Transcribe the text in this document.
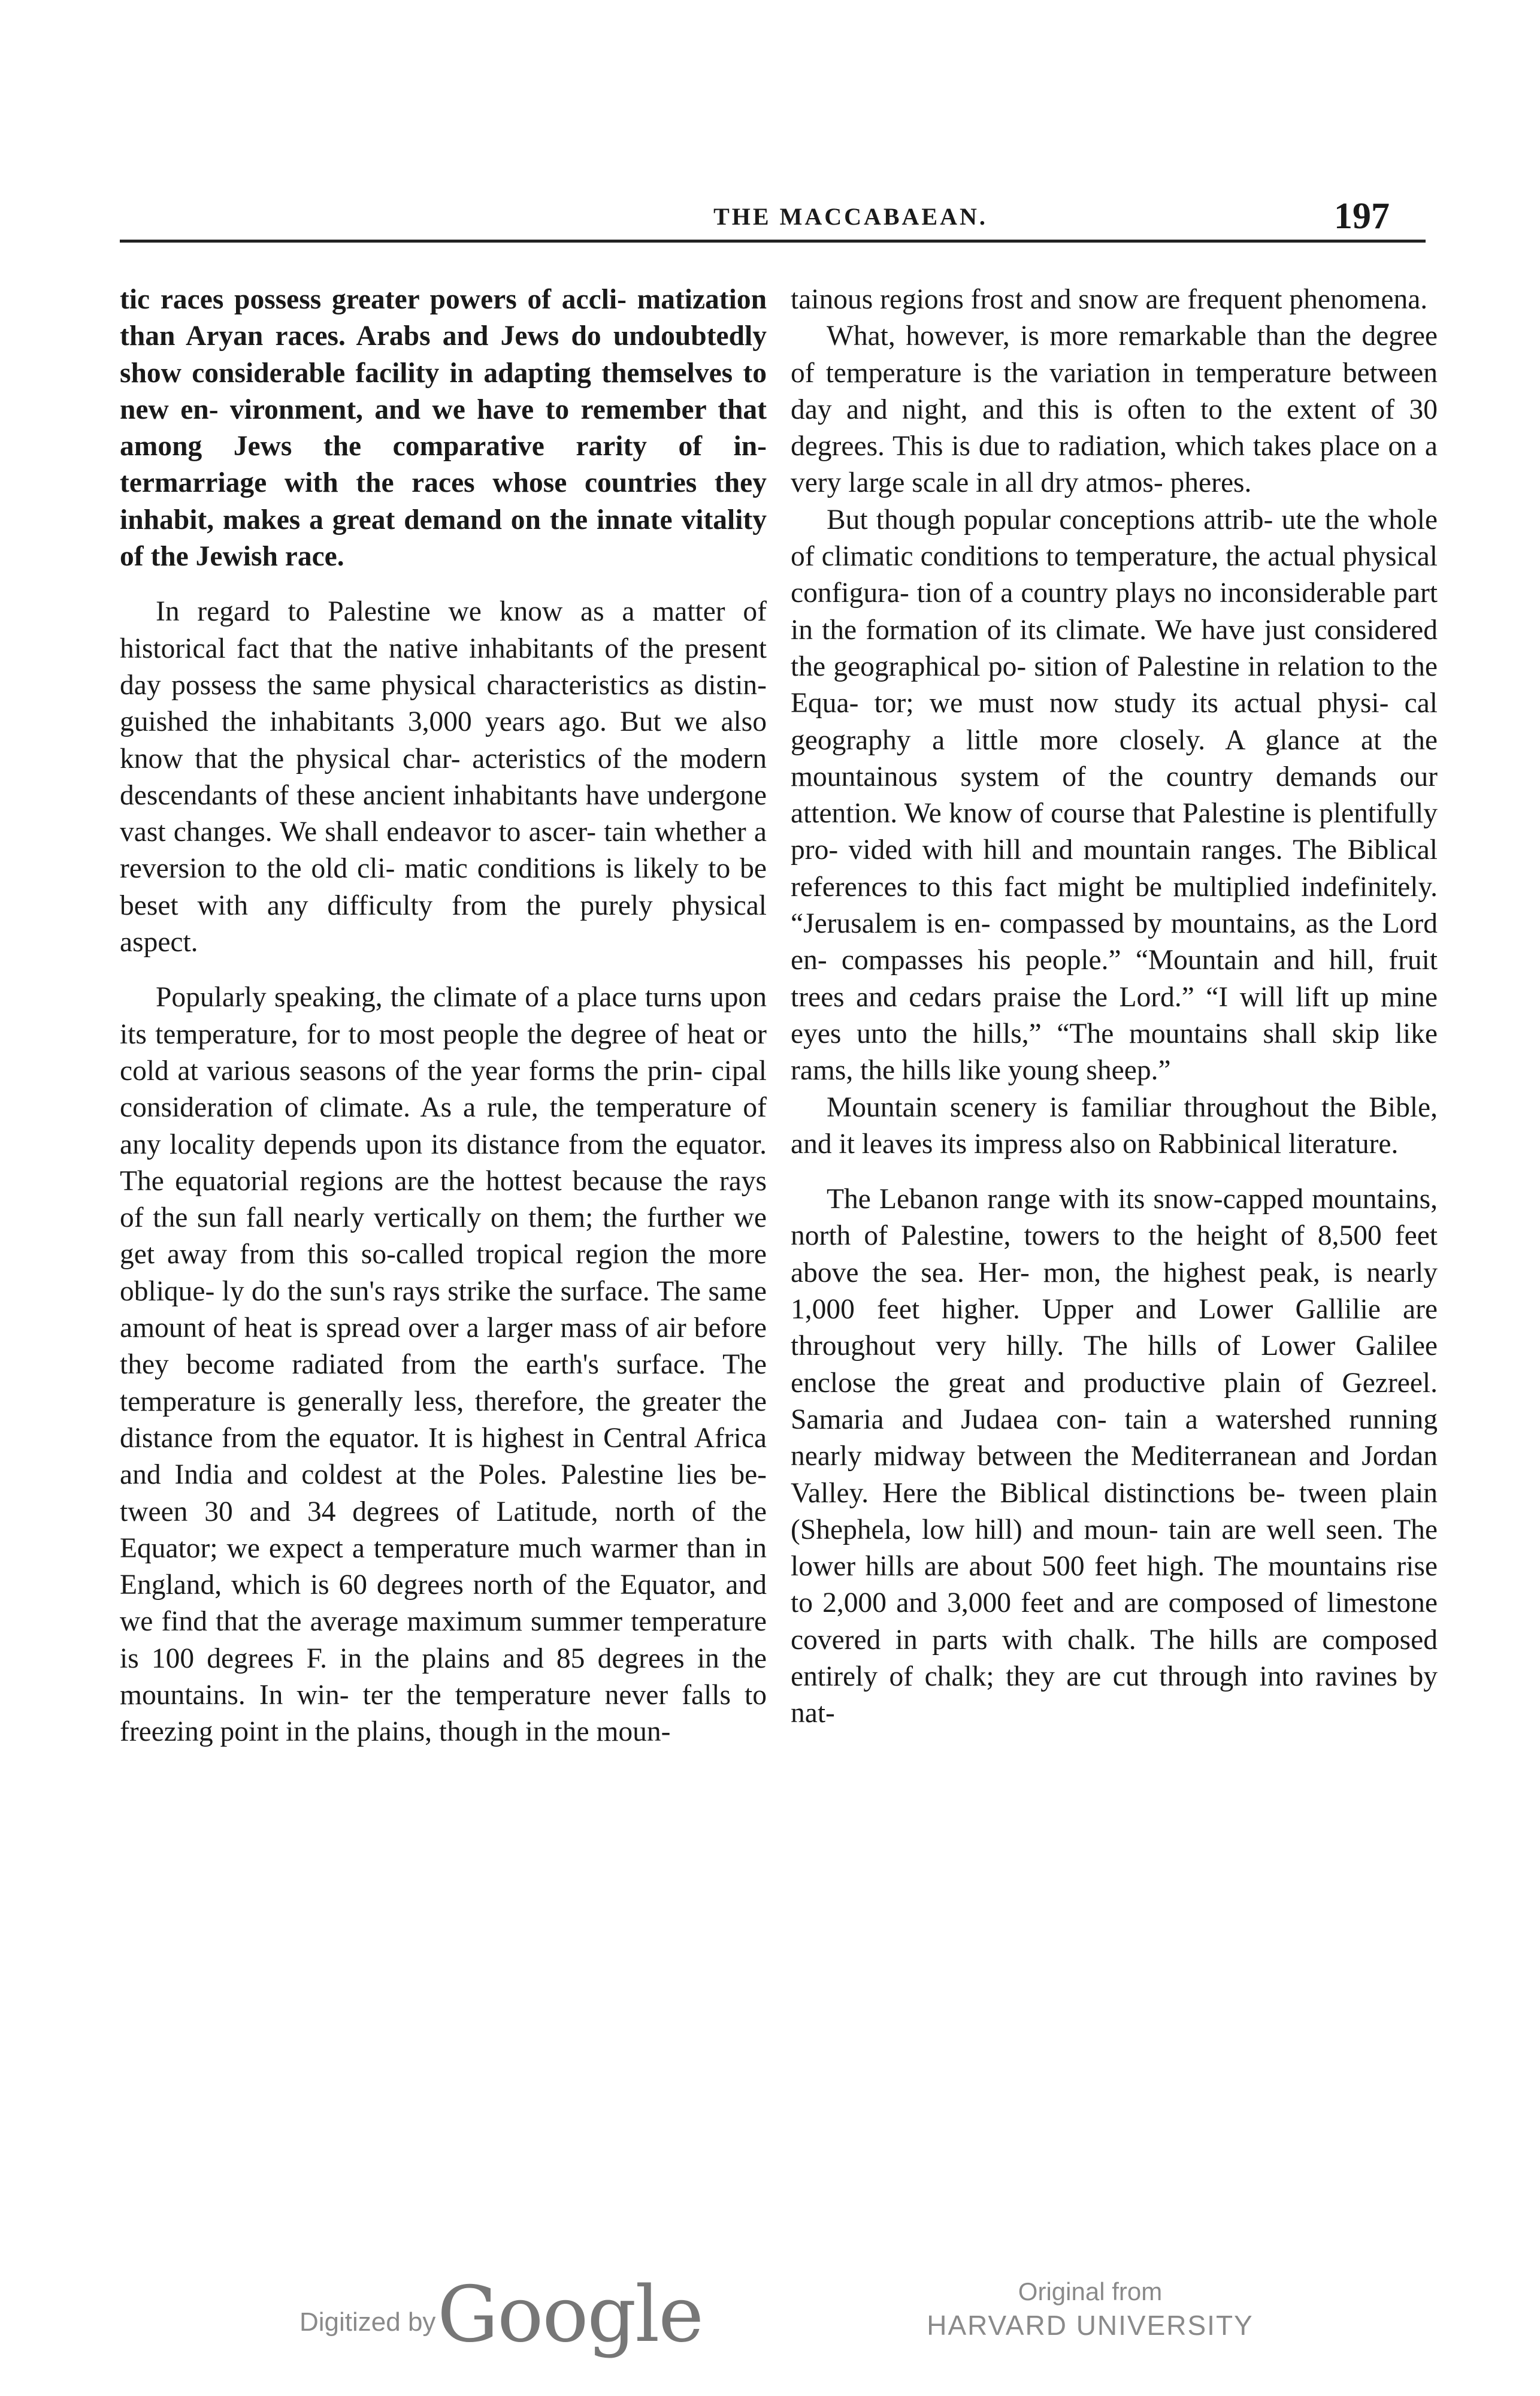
THE MACCABAEAN.	197

tic races possess greater powers of accli- matization than Aryan races. Arabs and Jews do undoubtedly show considerable facility in adapting themselves to new en- vironment, and we have to remember that among Jews the comparative rarity of in- termarriage with the races whose countries they inhabit, makes a great demand on the innate vitality of the Jewish race.

In regard to Palestine we know as a matter of historical fact that the native inhabitants of the present day possess the same physical characteristics as distin- guished the inhabitants 3,000 years ago. But we also know that the physical char- acteristics of the modern descendants of these ancient inhabitants have undergone vast changes. We shall endeavor to ascer- tain whether a reversion to the old cli- matic conditions is likely to be beset with any difficulty from the purely physical aspect.

Popularly speaking, the climate of a place turns upon its temperature, for to most people the degree of heat or cold at various seasons of the year forms the prin- cipal consideration of climate. As a rule, the temperature of any locality depends upon its distance from the equator. The equatorial regions are the hottest because the rays of the sun fall nearly vertically on them; the further we get away from this so-called tropical region the more oblique- ly do the sun's rays strike the surface. The same amount of heat is spread over a larger mass of air before they become radiated from the earth's surface. The temperature is generally less, therefore, the greater the distance from the equator. It is highest in Central Africa and India and coldest at the Poles. Palestine lies be- tween 30 and 34 degrees of Latitude, north of the Equator; we expect a temperature much warmer than in England, which is 60 degrees north of the Equator, and we find that the average maximum summer temperature is 100 degrees F. in the plains and 85 degrees in the mountains. In win- ter the temperature never falls to freezing point in the plains, though in the moun-

tainous regions frost and snow are frequent phenomena.

What, however, is more remarkable than the degree of temperature is the variation in temperature between day and night, and this is often to the extent of 30 degrees. This is due to radiation, which takes place on a very large scale in all dry atmos- pheres.

But though popular conceptions attrib- ute the whole of climatic conditions to temperature, the actual physical configura- tion of a country plays no inconsiderable part in the formation of its climate. We have just considered the geographical po- sition of Palestine in relation to the Equa- tor; we must now study its actual physi- cal geography a little more closely. A glance at the mountainous system of the country demands our attention. We know of course that Palestine is plentifully pro- vided with hill and mountain ranges. The Biblical references to this fact might be multiplied indefinitely. “Jerusalem is en- compassed by mountains, as the Lord en- compasses his people.” “Mountain and hill, fruit trees and cedars praise the Lord.” “I will lift up mine eyes unto the hills,” “The mountains shall skip like rams, the hills like young sheep.”

Mountain scenery is familiar throughout the Bible, and it leaves its impress also on Rabbinical literature.

The Lebanon range with its snow-capped mountains, north of Palestine, towers to the height of 8,500 feet above the sea. Her- mon, the highest peak, is nearly 1,000 feet higher. Upper and Lower Gallilie are throughout very hilly. The hills of Lower Galilee enclose the great and productive plain of Gezreel. Samaria and Judaea con- tain a watershed running nearly midway between the Mediterranean and Jordan Valley. Here the Biblical distinctions be- tween plain (Shephela, low hill) and moun- tain are well seen. The lower hills are about 500 feet high. The mountains rise to 2,000 and 3,000 feet and are composed of limestone covered in parts with chalk. The hills are composed entirely of chalk; they are cut through into ravines by nat-

Digitized by Google	Original from
HARVARD UNIVERSITY
